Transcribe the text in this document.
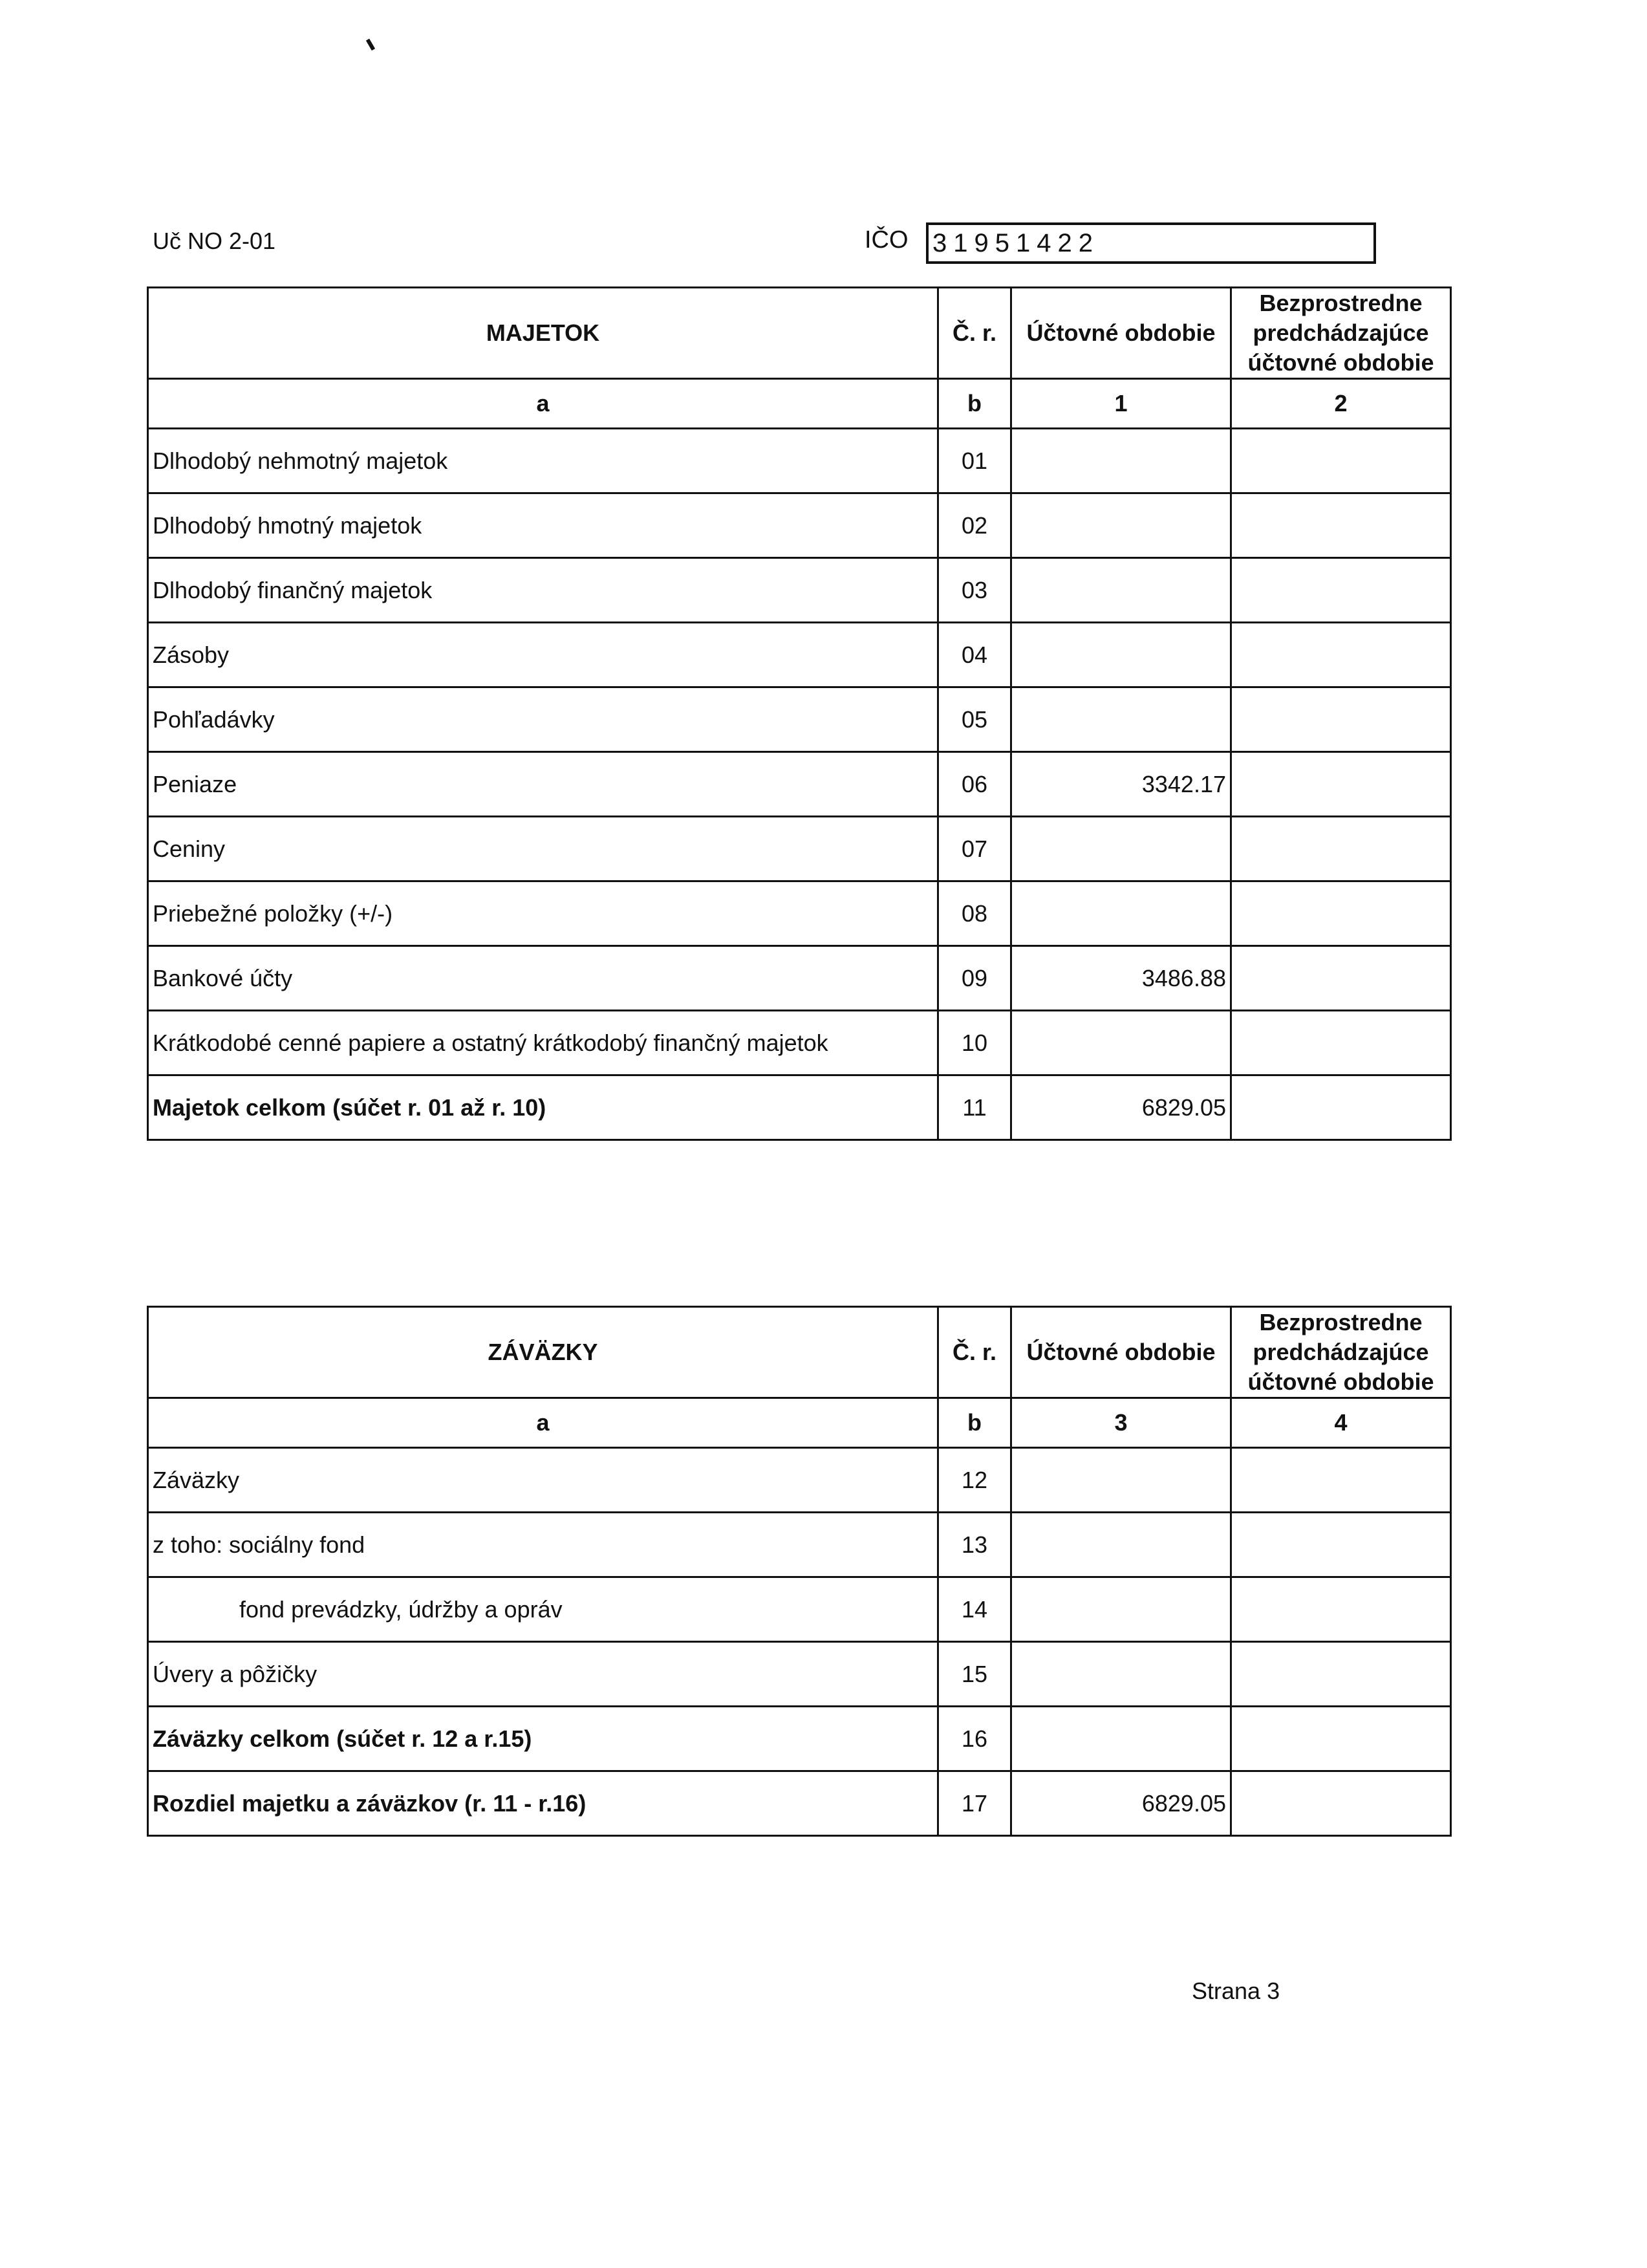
Uč NO 2-01	IČO 31951422
MAJETOK	Č. r.	Účtovné obdobie	Bezprostredne
predchádzajúce
účtovné obdobie

a	b	1	2
Dlhodobý nehmotný majetok	01		
Dlhodobý hmotný majetok	02		
Dlhodobý finančný majetok	03		
Zásoby	04		
Pohľadávky	05		
Peniaze	06	3342.17	
Ceniny	07		
Priebežné položky (+/-)	08		
Bankové účty	09	3486.88	
Krátkodobé cenné papiere a ostatný krátkodobý finančný majetok	10		
Majetok celkom (súčet r. 01 až r. 10)	11	6829.05	
ZÁVÄZKY	Č. r.	Účtovné obdobie	Bezprostredne
predchádzajúce
účtovné obdobie

a	b	3	4
Záväzky	12		
z toho: sociálny fond	13		
fond prevádzky, údržby a opráv	14		
Úvery a pôžičky	15		
Záväzky celkom (súčet r. 12 a r.15)	16		
Rozdiel majetku a záväzkov (r. 11 - r.16)	17	6829.05	
Strana 3
